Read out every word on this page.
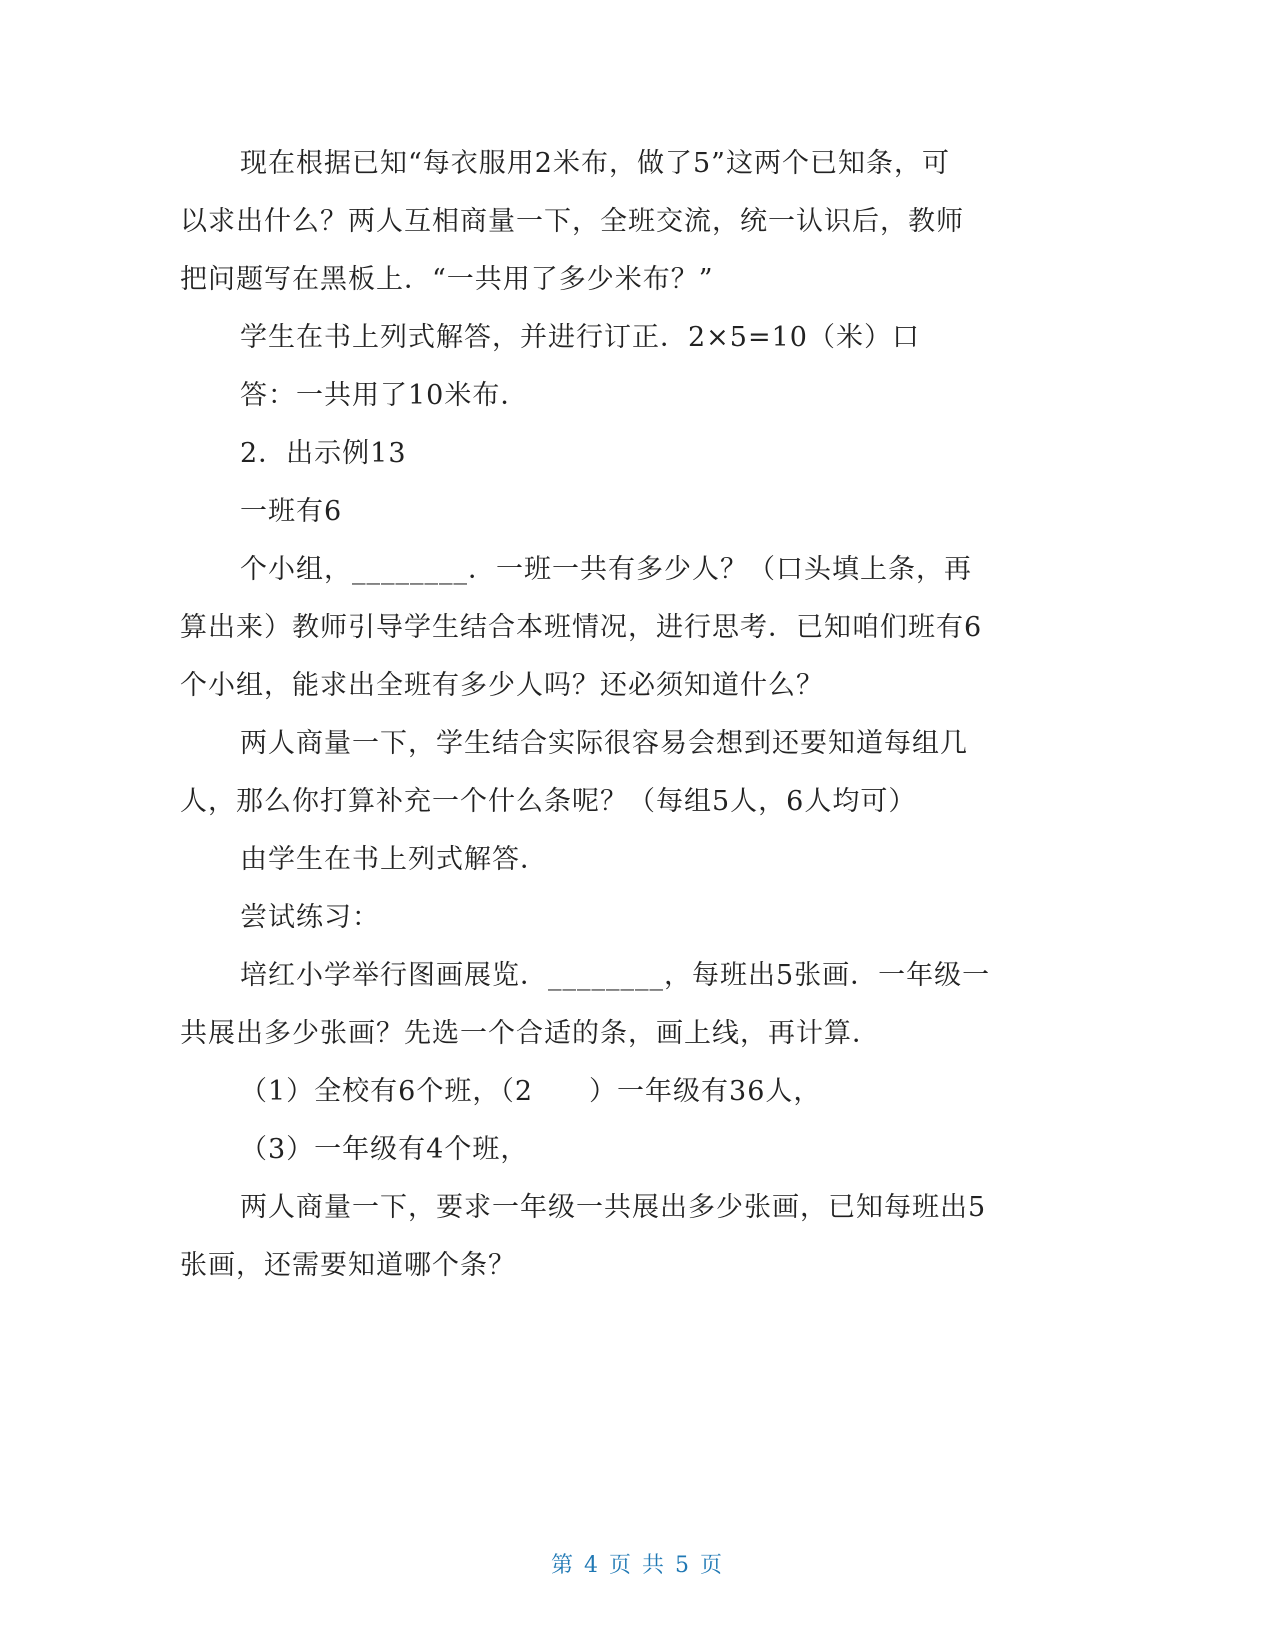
现在根据已知“每衣服用2米布，做了5”这两个已知条，可
以求出什么？两人互相商量一下，全班交流，统一认识后，教师
把问题写在黑板上．“一共用了多少米布？”
学生在书上列式解答，并进行订正．2×5=10（米）口
答：一共用了10米布．
2．出示例13
一班有6
个小组，________．一班一共有多少人？（口头填上条，再
算出来）教师引导学生结合本班情况，进行思考．已知咱们班有6
个小组，能求出全班有多少人吗？还必须知道什么？
两人商量一下，学生结合实际很容易会想到还要知道每组几
人，那么你打算补充一个什么条呢？（每组5人，6人均可）
由学生在书上列式解答．
尝试练习：
培红小学举行图画展览．________，每班出5张画．一年级一
共展出多少张画？先选一个合适的条，画上线，再计算．
（1）全校有6个班，（2　　）一年级有36人，
（3）一年级有4个班，
两人商量一下，要求一年级一共展出多少张画，已知每班出5
张画，还需要知道哪个条？
第 4 页 共 5 页
